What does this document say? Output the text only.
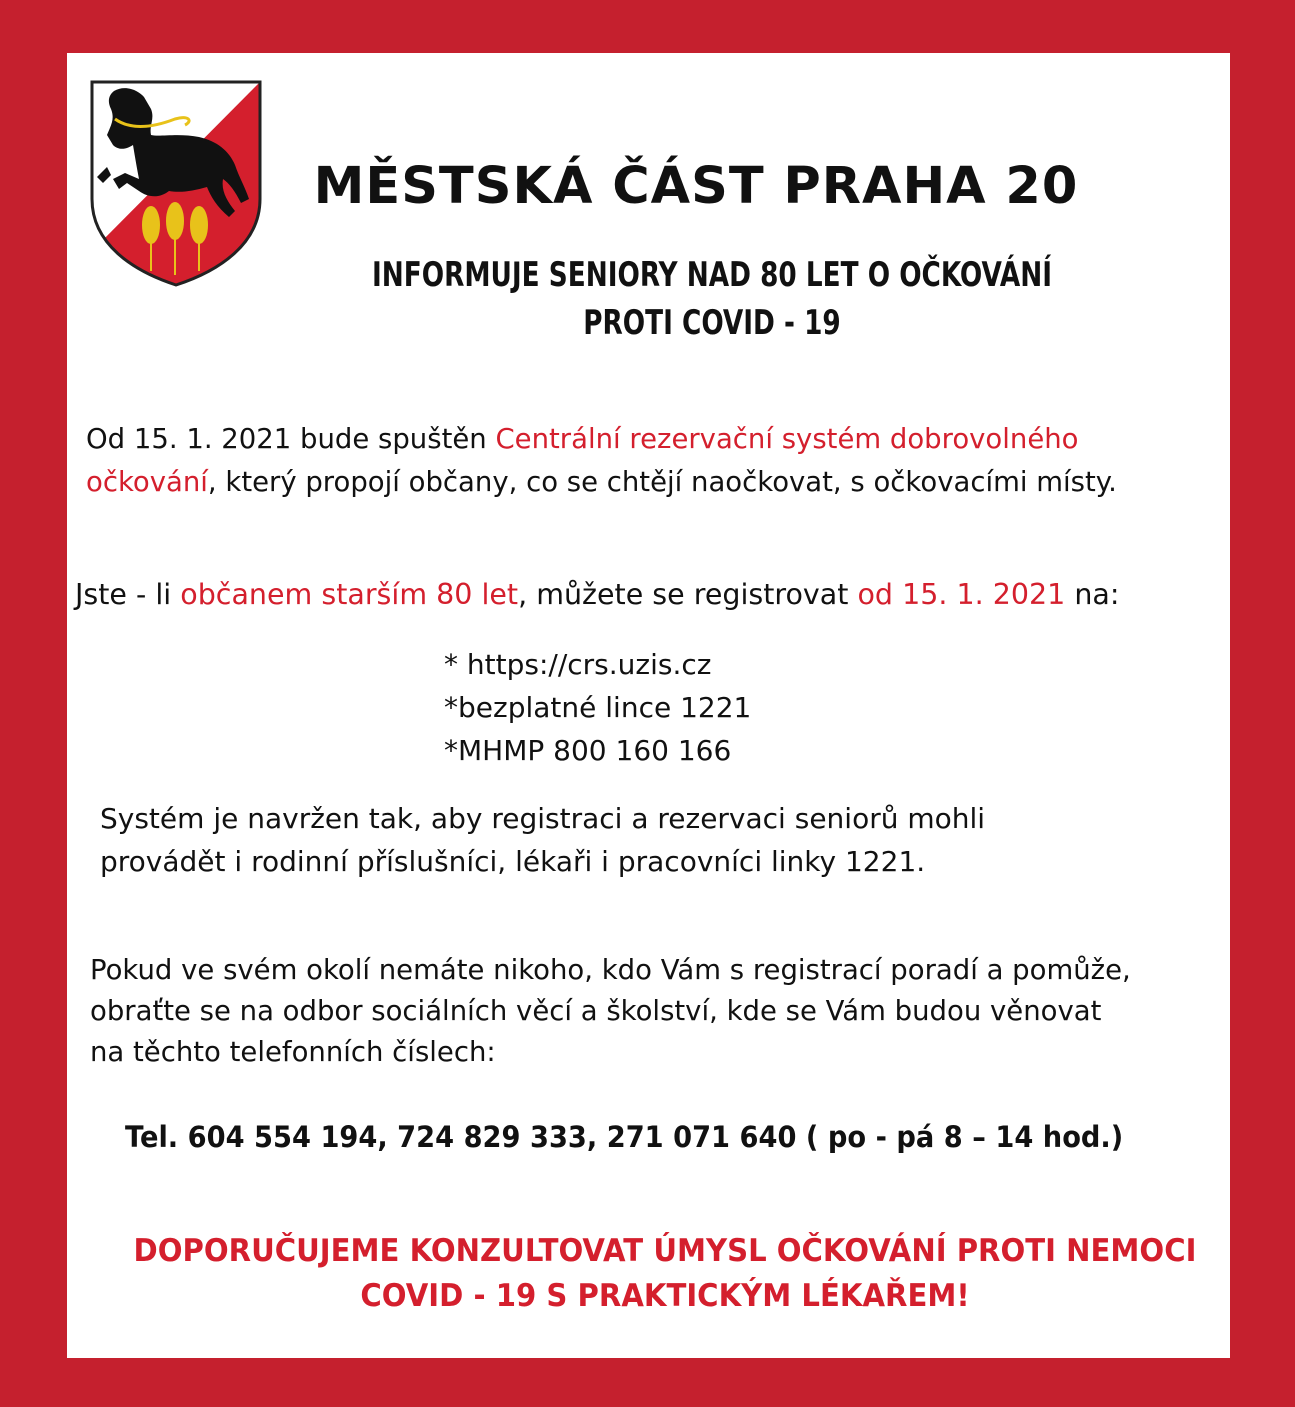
MĚSTSKÁ ČÁST PRAHA 20
INFORMUJE SENIORY NAD 80 LET O OČKOVÁNÍ
PROTI COVID - 19
Od 15. 1. 2021 bude spuštěn Centrální rezervační systém dobrovolného
očkování, který propojí občany, co se chtějí naočkovat, s očkovacími místy.
Jste - li občanem starším 80 let, můžete se registrovat od 15. 1. 2021 na:
* https://crs.uzis.cz
*bezplatné lince 1221
*MHMP 800 160 166
Systém je navržen tak, aby registraci a rezervaci seniorů mohli
provádět i rodinní příslušníci, lékaři i pracovníci linky 1221.
Pokud ve svém okolí nemáte nikoho, kdo Vám s registrací poradí a pomůže,
obraťte se na odbor sociálních věcí a školství, kde se Vám budou věnovat
na těchto telefonních číslech:
Tel. 604 554 194, 724 829 333, 271 071 640 ( po - pá 8 – 14 hod.)
DOPORUČUJEME KONZULTOVAT ÚMYSL OČKOVÁNÍ PROTI NEMOCI
COVID - 19 S PRAKTICKÝM LÉKAŘEM!
